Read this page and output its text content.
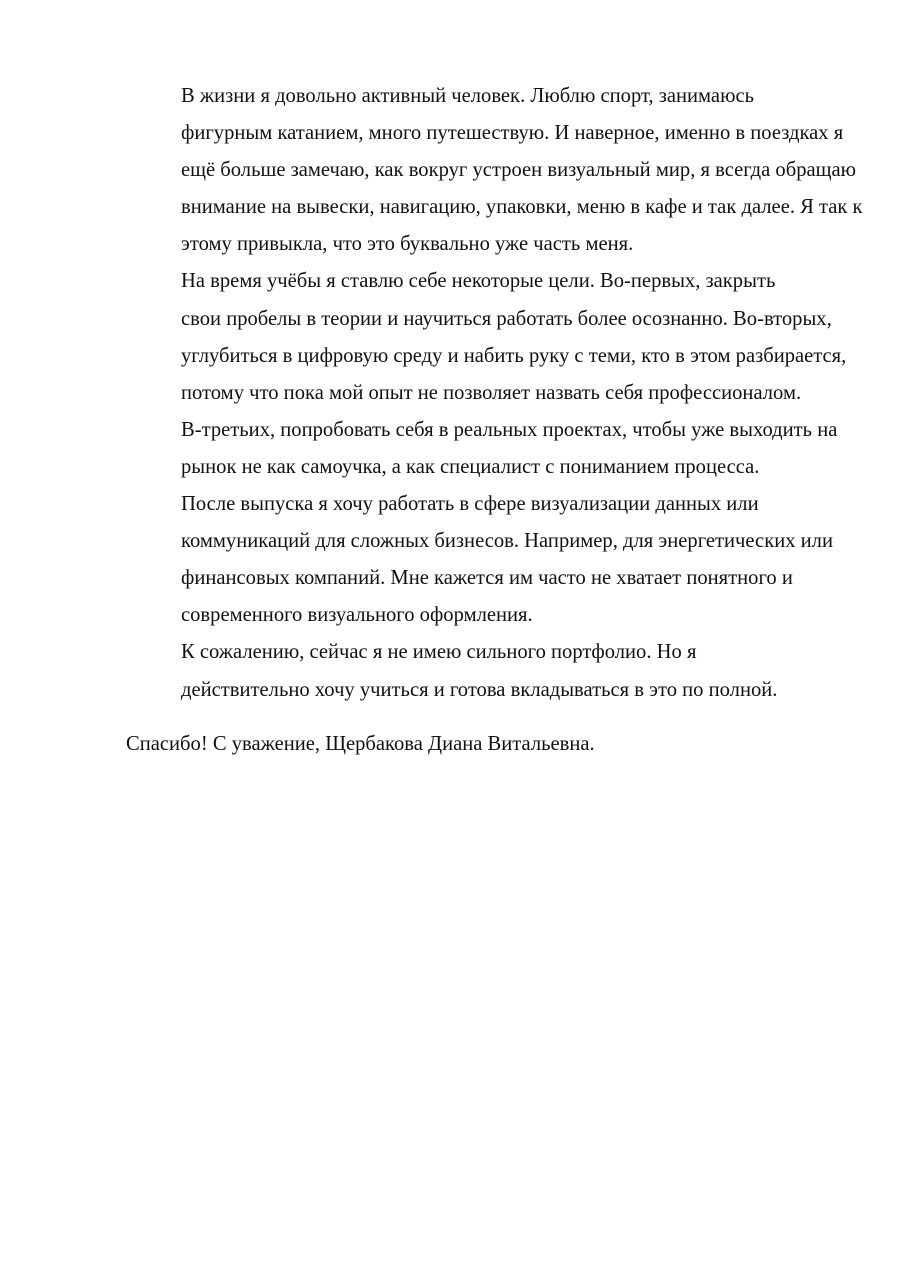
В жизни я довольно активный человек. Люблю спорт, занимаюсь
фигурным катанием, много путешествую. И наверное, именно в поездках я
ещё больше замечаю, как вокруг устроен визуальный мир, я всегда обращаю
внимание на вывески, навигацию, упаковки, меню в кафе и так далее. Я так к
этому привыкла, что это буквально уже часть меня.

На время учёбы я ставлю себе некоторые цели. Во-первых, закрыть
свои пробелы в теории и научиться работать более осознанно. Во-вторых,
углубиться в цифровую среду и набить руку с теми, кто в этом разбирается,
потому что пока мой опыт не позволяет назвать себя профессионалом.
В-третьих, попробовать себя в реальных проектах, чтобы уже выходить на
рынок не как самоучка, а как специалист с пониманием процесса.

После выпуска я хочу работать в сфере визуализации данных или
коммуникаций для сложных бизнесов. Например, для энергетических или
финансовых компаний. Мне кажется им часто не хватает понятного и
современного визуального оформления.

К сожалению, сейчас я не имею сильного портфолио. Но я
действительно хочу учиться и готова вкладываться в это по полной.

Спасибо! С уважение, Щербакова Диана Витальевна.
